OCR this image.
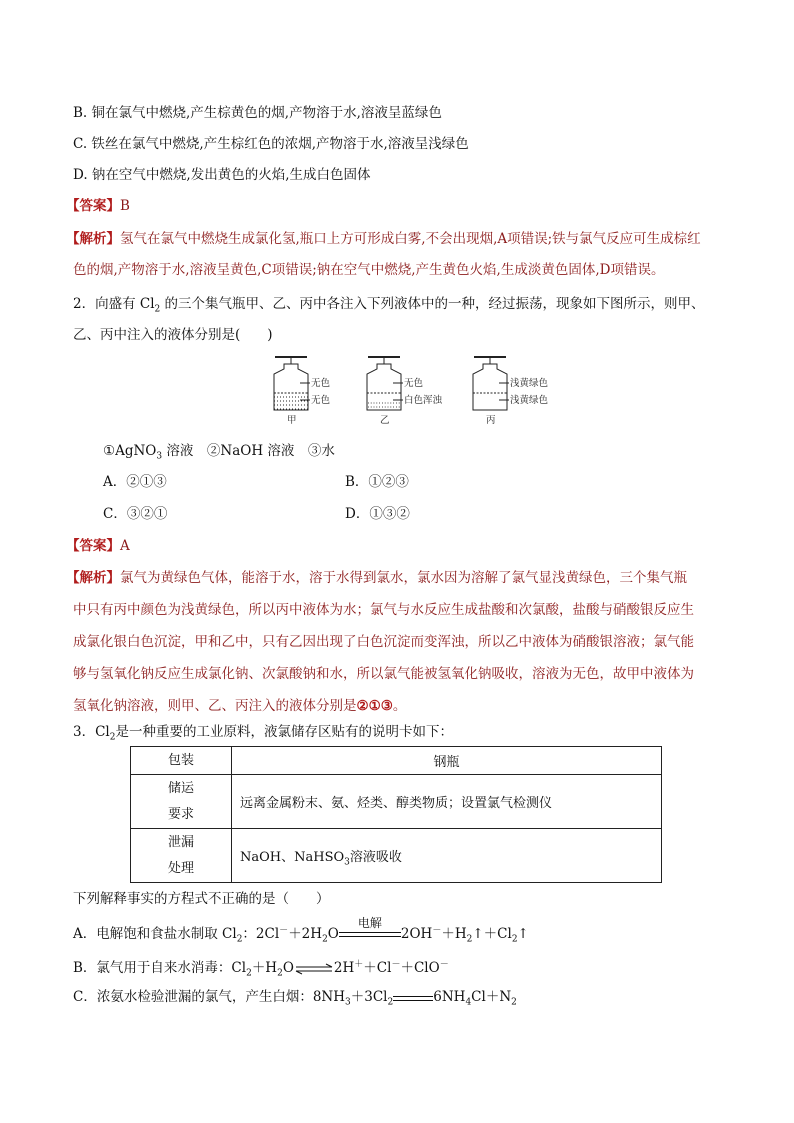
B. 铜在氯气中燃烧,产生棕黄色的烟,产物溶于水,溶液呈蓝绿色
C. 铁丝在氯气中燃烧,产生棕红色的浓烟,产物溶于水,溶液呈浅绿色
D. 钠在空气中燃烧,发出黄色的火焰,生成白色固体
【答案】B
【解析】氢气在氯气中燃烧生成氯化氢,瓶口上方可形成白雾,不会出现烟,A项错误;铁与氯气反应可生成棕红
色的烟,产物溶于水,溶液呈黄色,C项错误;钠在空气中燃烧,产生黄色火焰,生成淡黄色固体,D项错误。
2．向盛有 $Cl_2$ 的三个集气瓶甲、乙、丙中各注入下列液体中的一种，经过振荡，现象如下图所示，则甲、
乙、丙中注入的液体分别是(　　)
无色
无色
甲
无色
白色浑浊
乙
浅黄绿色
浅黄绿色
丙
①AgNO$_3$ 溶液　②NaOH 溶液　③水
A．②①③	B．①②③
C．③②①	D．①③②
【答案】A
【解析】氯气为黄绿色气体，能溶于水，溶于水得到氯水，氯水因为溶解了氯气显浅黄绿色，三个集气瓶
中只有丙中颜色为浅黄绿色，所以丙中液体为水；氯气与水反应生成盐酸和次氯酸，盐酸与硝酸银反应生
成氯化银白色沉淀，甲和乙中，只有乙因出现了白色沉淀而变浑浊，所以乙中液体为硝酸银溶液；氯气能
够与氢氧化钠反应生成氯化钠、次氯酸钠和水，所以氯气能被氢氧化钠吸收，溶液为无色，故甲中液体为
氢氧化钠溶液，则甲、乙、丙注入的液体分别是②①③。
3．$Cl_2$是一种重要的工业原料，液氯储存区贴有的说明卡如下：
包装	钢瓶

储运
要求	远离金属粉末、氨、烃类、醇类物质；设置氯气检测仪

泄漏
处理	NaOH、NaHSO$_3$溶液吸收
下列解释事实的方程式不正确的是（　　）
A．电解饱和食盐水制取 $Cl_2$：$2Cl^-+2H_2O$
电解
$2OH^-+H_2↑+Cl_2↑$
B．氯气用于自来水消毒：$Cl_2+H_2O\rightleftharpoons 2H^++Cl^-+ClO^-$
C．浓氨水检验泄漏的氯气，产生白烟：$8NH_3+3Cl_2$	$6NH_4Cl+N_2$
